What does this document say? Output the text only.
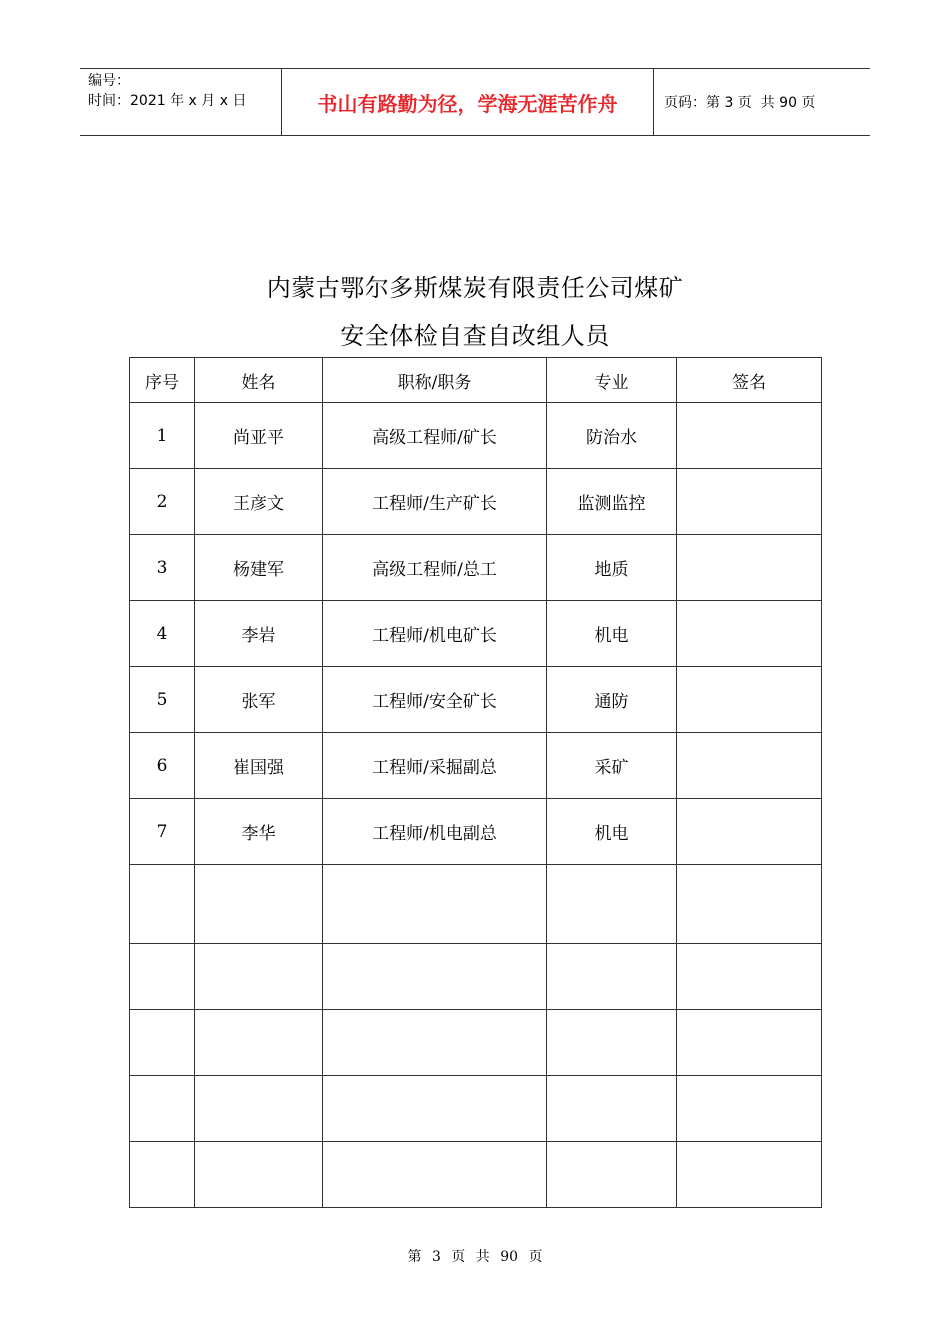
编号：
时间：2021 年 x 月 x 日	书山有路勤为径，学海无涯苦作舟	页码：第 3 页  共 90 页
内蒙古鄂尔多斯煤炭有限责任公司煤矿
安全体检自查自改组人员
序号	姓名	职称/职务	专业	签名
1	尚亚平	高级工程师/矿长	防治水	
2	王彦文	工程师/生产矿长	监测监控	
3	杨建军	高级工程师/总工	地质	
4	李岩	工程师/机电矿长	机电	
5	张军	工程师/安全矿长	通防	
6	崔国强	工程师/采掘副总	采矿	
7	李华	工程师/机电副总	机电	

第 3 页 共 90 页
